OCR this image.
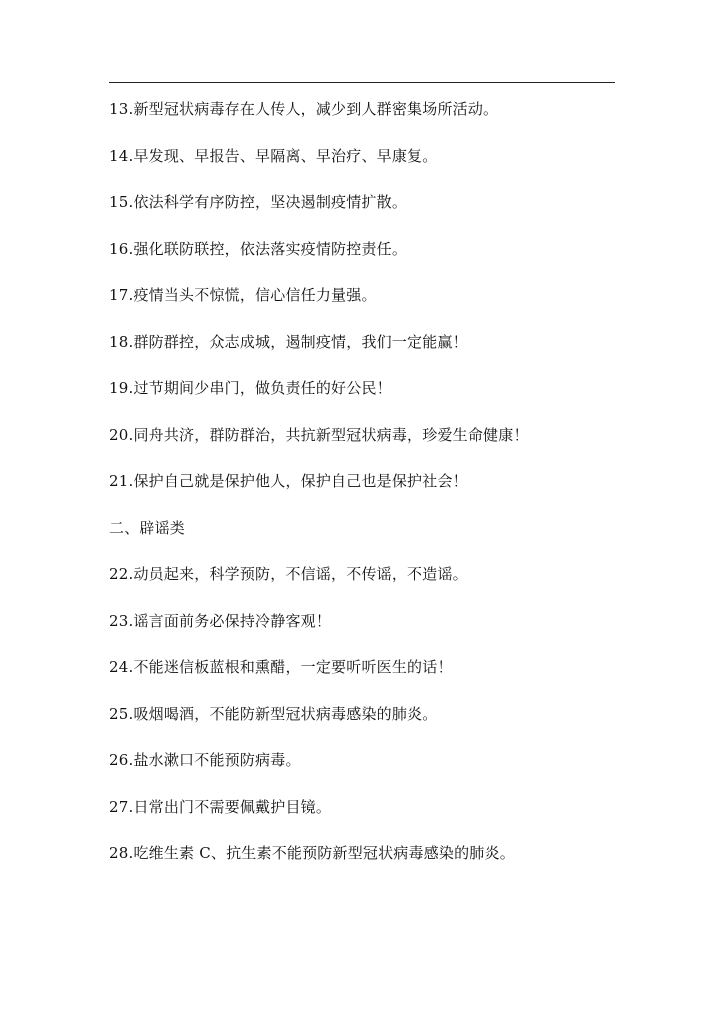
13.新型冠状病毒存在人传人，减少到人群密集场所活动。

14.早发现、早报告、早隔离、早治疗、早康复。

15.依法科学有序防控，坚决遏制疫情扩散。

16.强化联防联控，依法落实疫情防控责任。

17.疫情当头不惊慌，信心信任力量强。

18.群防群控，众志成城，遏制疫情，我们一定能赢！

19.过节期间少串门，做负责任的好公民！

20.同舟共济，群防群治，共抗新型冠状病毒，珍爱生命健康！

21.保护自己就是保护他人，保护自己也是保护社会！

二、辟谣类

22.动员起来，科学预防，不信谣，不传谣，不造谣。

23.谣言面前务必保持冷静客观！

24.不能迷信板蓝根和熏醋，一定要听听医生的话！

25.吸烟喝酒，不能防新型冠状病毒感染的肺炎。

26.盐水漱口不能预防病毒。

27.日常出门不需要佩戴护目镜。

28.吃维生素 C、抗生素不能预防新型冠状病毒感染的肺炎。
